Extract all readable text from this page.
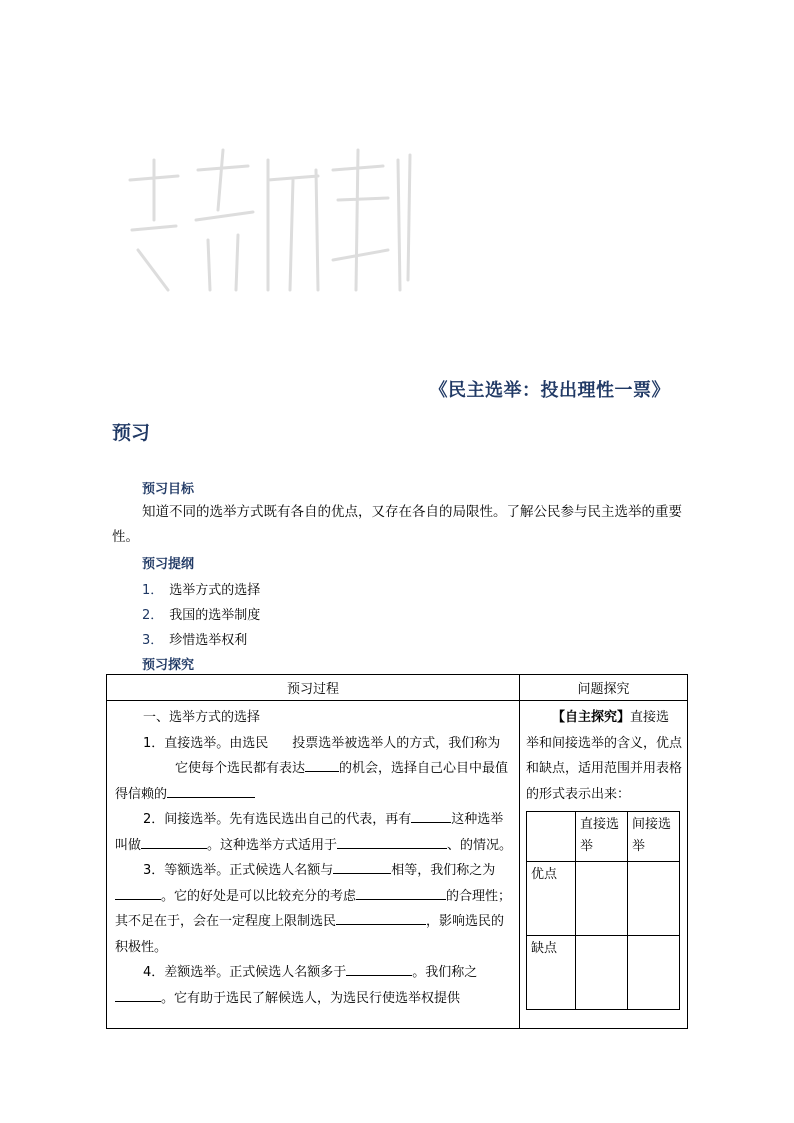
《民主选举：投出理性一票》
预习
预习目标
知道不同的选举方式既有各自的优点，又存在各自的局限性。了解公民参与民主选举的重要性。
预习提纲
1． 选举方式的选择
2． 我国的选举制度
3． 珍惜选举权利
预习探究
预习过程	问题探究

一、选举方式的选择

1．直接选举。由选民 投票选举被选举人的方式，我们称为它使每个选民都有表达	的机会，选择自己心目中最值得信赖的

2．间接选举。先有选民选出自己的代表，再有	这种选举叫做	。这种选举方式适用于	、的情况。

3．等额选举。正式候选人名额与	相等，我们称之为。它的好处是可以比较充分的考虑	的合理性；其不足在于，会在一定程度上限制选民	，影响选民的积极性。

4．差额选举。正式候选人名额多于	。我们称之。它有助于选民了解候选人，为选民行使选举权提供

【自主探究】直接选举和间接选举的含义，优点和缺点，适用范围并用表格的形式表示出来：

	直接选举	间接选举
优点		
缺点		
